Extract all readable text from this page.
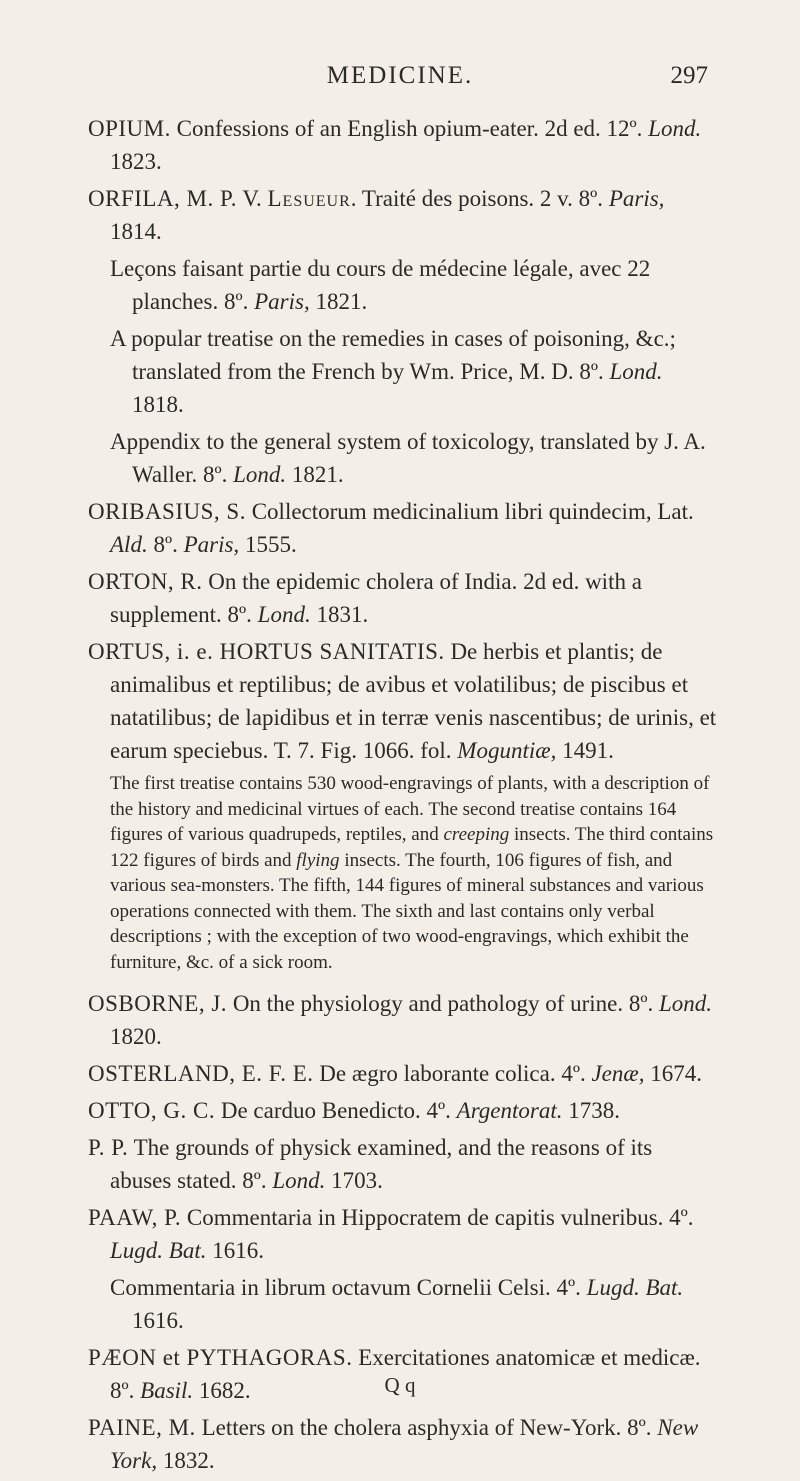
MEDICINE.	297

OPIUM. Confessions of an English opium-eater. 2d ed. 12º. Lond. 1823.

ORFILA, M. P. V. Lesueur. Traité des poisons. 2 v. 8º. Paris, 1814.

Leçons faisant partie du cours de médecine légale, avec 22 planches. 8º. Paris, 1821.

A popular treatise on the remedies in cases of poisoning, &c.; translated from the French by Wm. Price, M. D. 8º. Lond. 1818.

Appendix to the general system of toxicology, translated by J. A. Waller. 8º. Lond. 1821.

ORIBASIUS, S. Collectorum medicinalium libri quindecim, Lat. Ald. 8º. Paris, 1555.

ORTON, R. On the epidemic cholera of India. 2d ed. with a supplement. 8º. Lond. 1831.

ORTUS, i. e. HORTUS SANITATIS. De herbis et plantis; de animalibus et reptilibus; de avibus et volatilibus; de piscibus et natatilibus; de lapidibus et in terræ venis nascentibus; de urinis, et earum speciebus. T. 7. Fig. 1066. fol. Moguntiæ, 1491.

The first treatise contains 530 wood-engravings of plants, with a description of the history and medicinal virtues of each. The second treatise contains 164 figures of various quadrupeds, reptiles, and creeping insects. The third contains 122 figures of birds and flying insects. The fourth, 106 figures of fish, and various sea-monsters. The fifth, 144 figures of mineral substances and various operations connected with them. The sixth and last contains only verbal descriptions ; with the exception of two wood-engravings, which exhibit the furniture, &c. of a sick room.

OSBORNE, J. On the physiology and pathology of urine. 8º. Lond. 1820.

OSTERLAND, E. F. E. De ægro laborante colica. 4º. Jenæ, 1674.

OTTO, G. C. De carduo Benedicto. 4º. Argentorat. 1738.

P. P. The grounds of physick examined, and the reasons of its abuses stated. 8º. Lond. 1703.

PAAW, P. Commentaria in Hippocratem de capitis vulneribus. 4º. Lugd. Bat. 1616.

Commentaria in librum octavum Cornelii Celsi. 4º. Lugd. Bat. 1616.

PÆON et PYTHAGORAS. Exercitationes anatomicæ et medicæ. 8º. Basil. 1682.

PAINE, M. Letters on the cholera asphyxia of New-York. 8º. New York, 1832.

Q q
